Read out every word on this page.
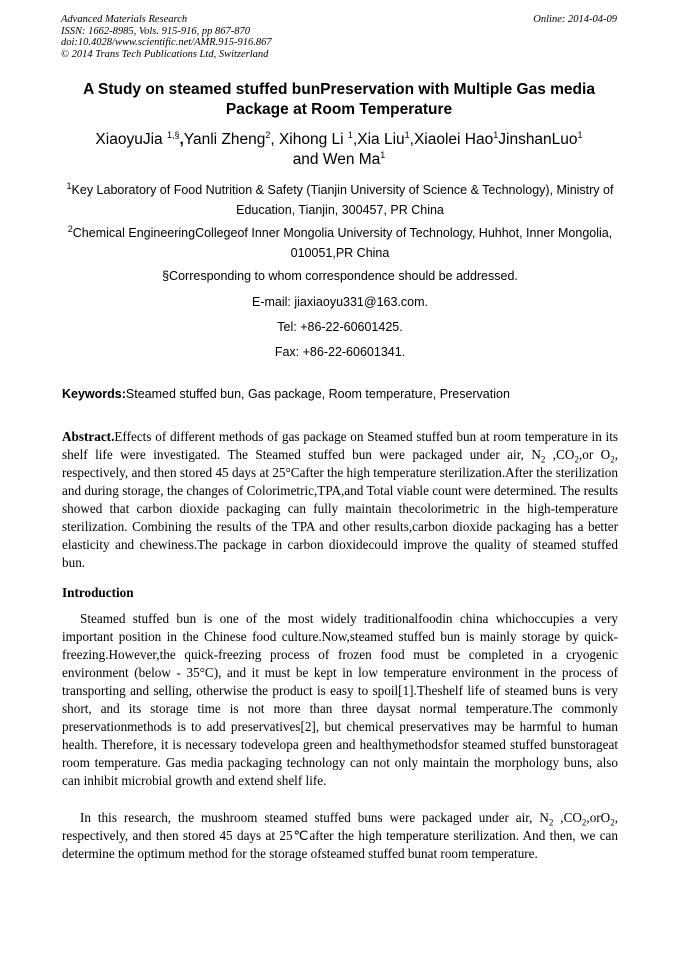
Advanced Materials Research
ISSN: 1662-8985, Vols. 915-916, pp 867-870
doi:10.4028/www.scientific.net/AMR.915-916.867
© 2014 Trans Tech Publications Ltd, Switzerland
Online: 2014-04-09
A Study on steamed stuffed bunPreservation with Multiple Gas media
Package at Room Temperature
XiaoyuJia $^{1,\S}$,Yanli Zheng$^2$, Xihong Li $^1$,Xia Liu$^1$,Xiaolei Hao$^1$JinshanLuo$^1$
and Wen Ma$^1$
$^1$Key Laboratory of Food Nutrition & Safety (Tianjin University of Science & Technology), Ministry of Education, Tianjin, 300457, PR China
$^2$Chemical EngineeringCollegeof Inner Mongolia University of Technology, Huhhot, Inner Mongolia, 010051,PR China
§Corresponding to whom correspondence should be addressed.
E-mail: jiaxiaoyu331@163.com.
Tel: +86-22-60601425.
Fax: +86-22-60601341.
Keywords:Steamed stuffed bun, Gas package, Room temperature, Preservation
Abstract.Effects of different methods of gas package on Steamed stuffed bun at room temperature in its shelf life were investigated. The Steamed stuffed bun were packaged under air, $N_2$ $,CO_2,or$ $O_2$, respectively, and then stored 45 days at 25°Cafter the high temperature sterilization.After the sterilization and during storage, the changes of Colorimetric,TPA,and Total viable count were determined. The results showed that carbon dioxide packaging can fully maintain thecolorimetric in the high-temperature sterilization. Combining the results of the TPA and other results,carbon dioxide packaging has a better elasticity and chewiness.The package in carbon dioxidecould improve the quality of steamed stuffed bun.
Introduction
Steamed stuffed bun is one of the most widely traditionalfoodin china whichoccupies a very important position in the Chinese food culture.Now,steamed stuffed bun is mainly storage by quick-freezing.However,the quick-freezing process of frozen food must be completed in a cryogenic environment (below - 35°C), and it must be kept in low temperature environment in the process of transporting and selling, otherwise the product is easy to spoil[1].Theshelf life of steamed buns is very short, and its storage time is not more than three daysat normal temperature.The commonly preservationmethods is to add preservatives[2], but chemical preservatives may be harmful to human health. Therefore, it is necessary todevelopa green and healthymethodsfor steamed stuffed bunstorageat room temperature. Gas media packaging technology can not only maintain the morphology buns, also can inhibit microbial growth and extend shelf life.
In this research, the mushroom steamed stuffed buns were packaged under air, $N_2$ $,CO_2,orO_2$, respectively, and then stored 45 days at 25℃after the high temperature sterilization. And then, we can determine the optimum method for the storage ofsteamed stuffed bunat room temperature.
